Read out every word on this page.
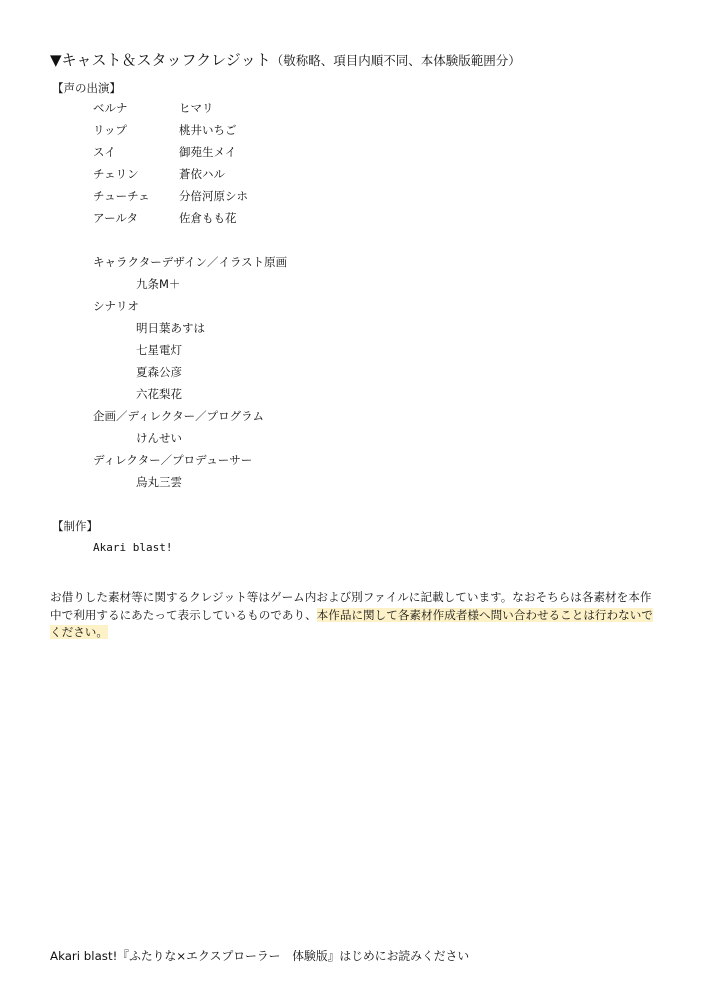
▼キャスト＆スタッフクレジット（敬称略、項目内順不同、本体験版範囲分）
【声の出演】
ベルナ	ヒマリ
リップ	桃井いちご
スイ	御苑生メイ
チェリン	蒼依ハル
チューチェ	分倍河原シホ
アールタ	佐倉もも花
キャラクターデザイン／イラスト原画
九条M＋
シナリオ
明日葉あすは
七星電灯
夏森公彦
六花梨花
企画／ディレクター／プログラム
けんせい
ディレクター／プロデューサー
烏丸三雲
【制作】
Akari blast!
お借りした素材等に関するクレジット等はゲーム内および別ファイルに記載しています。なおそちらは各素材を本作中で利用するにあたって表示しているものであり、本作品に関して各素材作成者様へ問い合わせることは行わないでください。
Akari blast!『ふたりな×エクスプローラー　体験版』はじめにお読みください
